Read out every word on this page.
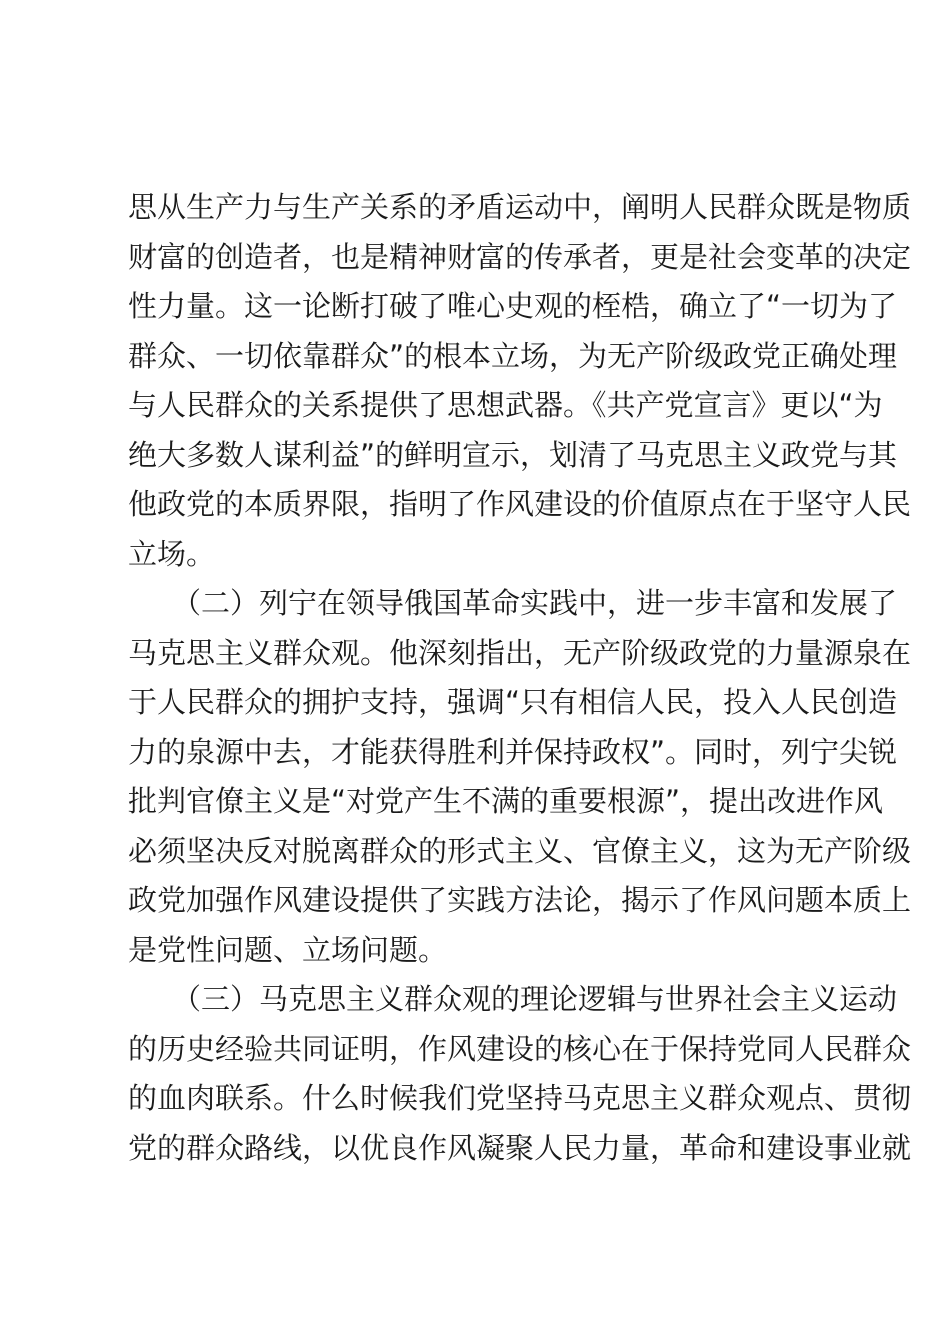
思从生产力与生产关系的矛盾运动中，阐明人民群众既是物质
财富的创造者，也是精神财富的传承者，更是社会变革的决定
性力量。这一论断打破了唯心史观的桎梏，确立了“一切为了
群众、一切依靠群众”的根本立场，为无产阶级政党正确处理
与人民群众的关系提供了思想武器。《共产党宣言》更以“为
绝大多数人谋利益”的鲜明宣示，划清了马克思主义政党与其
他政党的本质界限，指明了作风建设的价值原点在于坚守人民
立场。
（二）列宁在领导俄国革命实践中，进一步丰富和发展了
马克思主义群众观。他深刻指出，无产阶级政党的力量源泉在
于人民群众的拥护支持，强调“只有相信人民，投入人民创造
力的泉源中去，才能获得胜利并保持政权”。同时，列宁尖锐
批判官僚主义是“对党产生不满的重要根源”，提出改进作风
必须坚决反对脱离群众的形式主义、官僚主义，这为无产阶级
政党加强作风建设提供了实践方法论，揭示了作风问题本质上
是党性问题、立场问题。
（三）马克思主义群众观的理论逻辑与世界社会主义运动
的历史经验共同证明，作风建设的核心在于保持党同人民群众
的血肉联系。什么时候我们党坚持马克思主义群众观点、贯彻
党的群众路线，以优良作风凝聚人民力量，革命和建设事业就
